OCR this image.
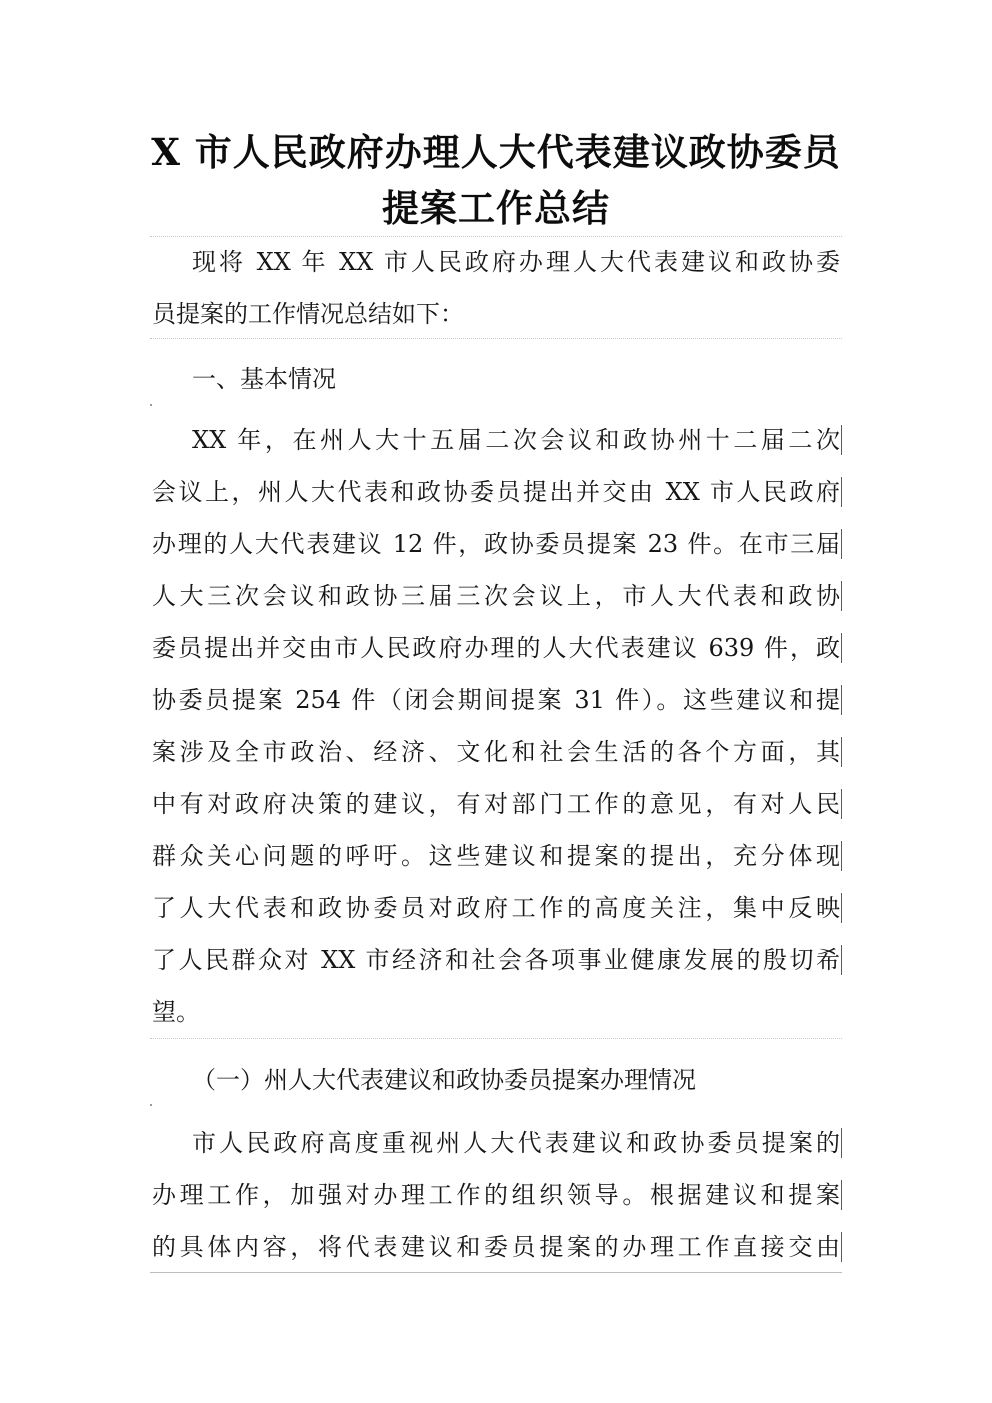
X 市人民政府办理人大代表建议政协委员
提案工作总结
现将 XX 年 XX 市人民政府办理人大代表建议和政协委
员提案的工作情况总结如下：
一、基本情况
XX 年，在州人大十五届二次会议和政协州十二届二次
会议上，州人大代表和政协委员提出并交由 XX 市人民政府
办理的人大代表建议 12 件，政协委员提案 23 件。在市三届
人大三次会议和政协三届三次会议上，市人大代表和政协
委员提出并交由市人民政府办理的人大代表建议 639 件，政
协委员提案 254 件（闭会期间提案 31 件）。这些建议和提
案涉及全市政治、经济、文化和社会生活的各个方面，其
中有对政府决策的建议，有对部门工作的意见，有对人民
群众关心问题的呼吁。这些建议和提案的提出，充分体现
了人大代表和政协委员对政府工作的高度关注，集中反映
了人民群众对 XX 市经济和社会各项事业健康发展的殷切希
望。
（一）州人大代表建议和政协委员提案办理情况
市人民政府高度重视州人大代表建议和政协委员提案的
办理工作，加强对办理工作的组织领导。根据建议和提案
的具体内容，将代表建议和委员提案的办理工作直接交由
